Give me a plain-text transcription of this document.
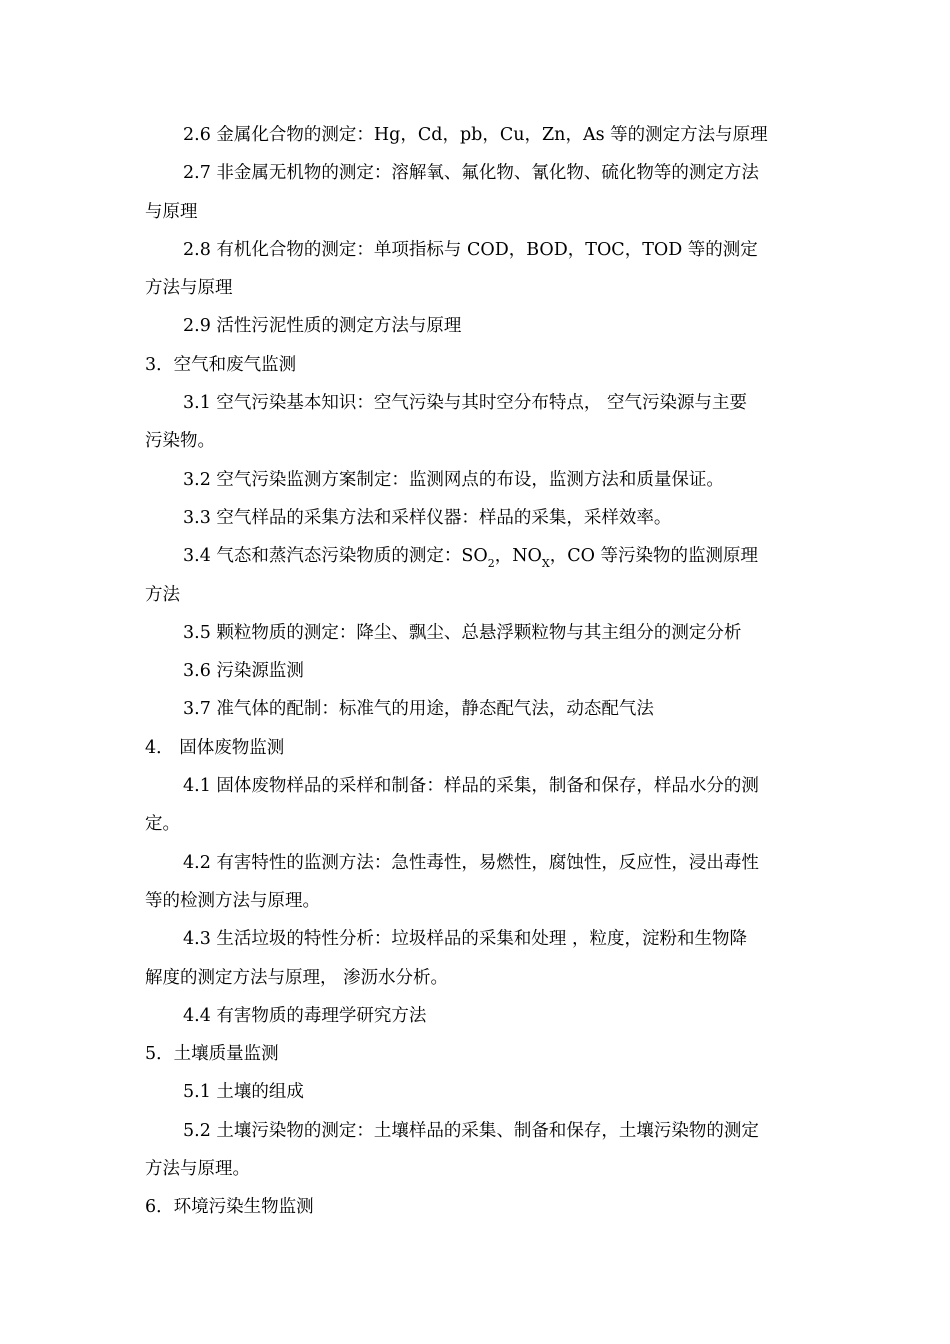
2.6 金属化合物的测定：Hg，Cd，pb，Cu，Zn，As 等的测定方法与原理
2.7 非金属无机物的测定：溶解氧、氟化物、氰化物、硫化物等的测定方法
与原理
2.8 有机化合物的测定：单项指标与 COD，BOD，TOC，TOD 等的测定
方法与原理
2.9 活性污泥性质的测定方法与原理
3．空气和废气监测
3.1 空气污染基本知识：空气污染与其时空分布特点， 空气污染源与主要
污染物。
3.2 空气污染监测方案制定：监测网点的布设，监测方法和质量保证。
3.3 空气样品的采集方法和采样仪器：样品的采集，采样效率。
3.4 气态和蒸汽态污染物质的测定：$SO_2$，$NO_X$，CO 等污染物的监测原理
方法
3.5 颗粒物质的测定：降尘、飘尘、总悬浮颗粒物与其主组分的测定分析
3.6 污染源监测
3.7 准气体的配制：标准气的用途，静态配气法，动态配气法
4． 固体废物监测
4.1 固体废物样品的采样和制备：样品的采集，制备和保存，样品水分的测
定。
4.2 有害特性的监测方法：急性毒性，易燃性，腐蚀性，反应性，浸出毒性
等的检测方法与原理。
4.3 生活垃圾的特性分析：垃圾样品的采集和处理 ，粒度，淀粉和生物降
解度的测定方法与原理， 渗沥水分析。
4.4 有害物质的毒理学研究方法
5．土壤质量监测
5.1 土壤的组成
5.2 土壤污染物的测定：土壤样品的采集、制备和保存，土壤污染物的测定
方法与原理。
6．环境污染生物监测
